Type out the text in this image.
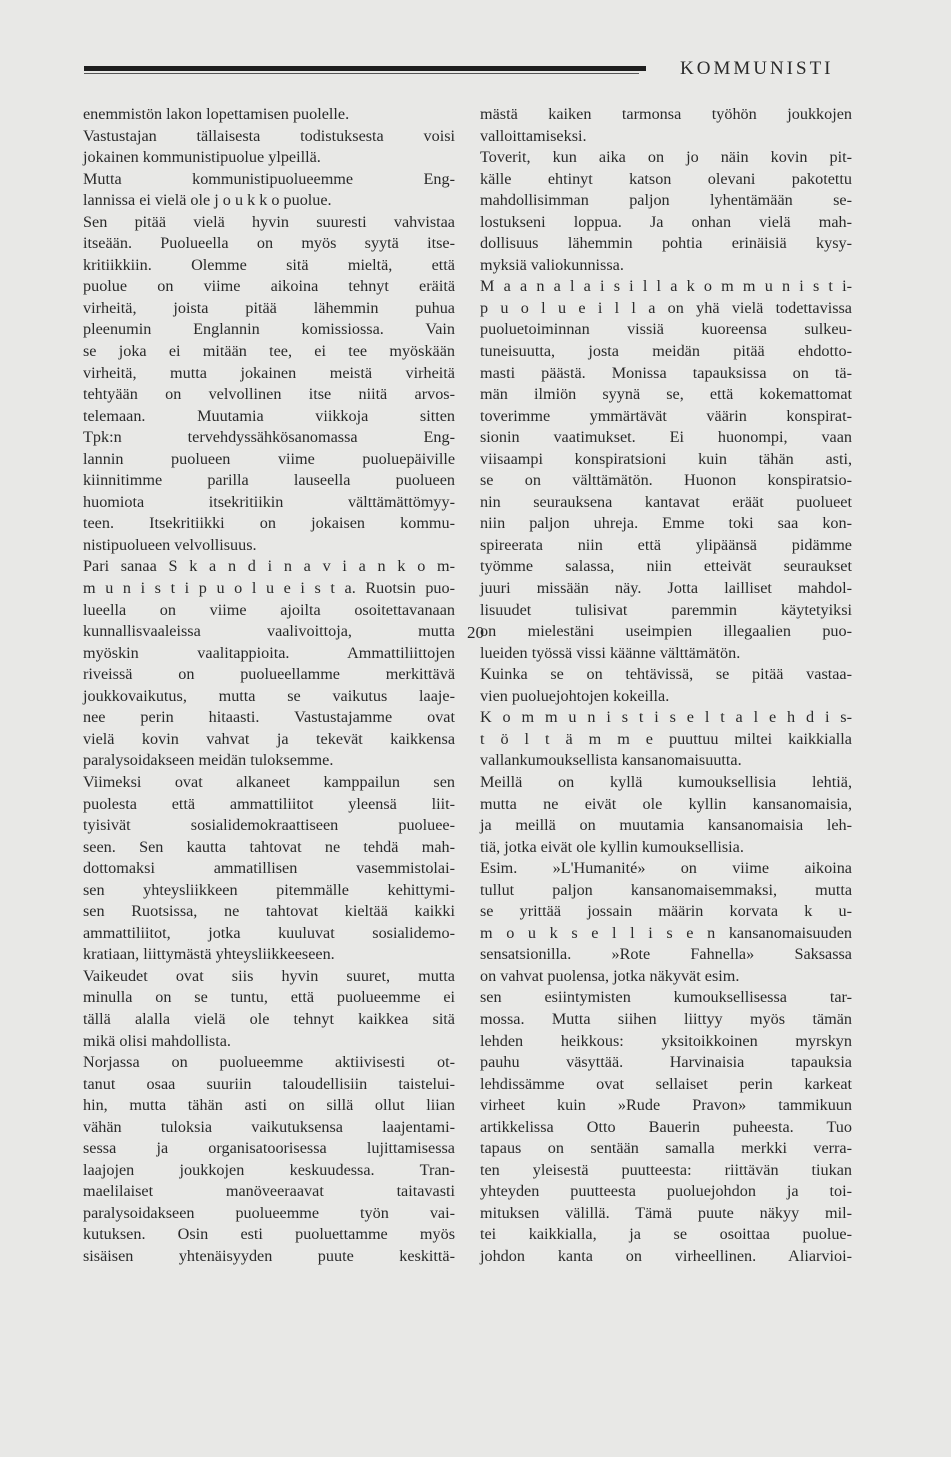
KOMMUNISTI
enemmistön lakon lopettamisen puolelle.
Vastustajan tällaisesta todistuksesta voisi
jokainen kommunistipuolue ylpeillä.
Mutta kommunistipuolueemme Eng-
lannissa ei vielä ole j o u k k o puolue.
Sen pitää vielä hyvin suuresti vahvistaa
itseään. Puolueella on myös syytä itse-
kritiikkiin. Olemme sitä mieltä, että
puolue on viime aikoina tehnyt eräitä
virheitä, joista pitää lähemmin puhua
pleenumin Englannin komissiossa. Vain
se joka ei mitään tee, ei tee myöskään
virheitä, mutta jokainen meistä virheitä
tehtyään on velvollinen itse niitä arvos-
telemaan. Muutamia viikkoja sitten
Tpk:n tervehdyssähkösanomassa Eng-
lannin puolueen viime puoluepäiville
kiinnitimme parilla lauseella puolueen
huomiota itsekritiikin välttämättömyy-
teen. Itsekritiikki on jokaisen kommu-
nistipuolueen velvollisuus.
Pari sanaa S k a n d i n a v i a n k o m-
m u n i s t i p u o l u e i s t a. Ruotsin puo-
lueella on viime ajoilta osoitettavanaan
kunnallisvaaleissa vaalivoittoja, mutta
myöskin vaalitappioita. Ammattiliittojen
riveissä on puolueellamme merkittävä
joukkovaikutus, mutta se vaikutus laaje-
nee perin hitaasti. Vastustajamme ovat
vielä kovin vahvat ja tekevät kaikkensa
paralysoidakseen meidän tuloksemme.
Viimeksi ovat alkaneet kamppailun sen
puolesta että ammattiliitot yleensä liit-
tyisivät sosialidemokraattiseen puoluee-
seen. Sen kautta tahtovat ne tehdä mah-
dottomaksi ammatillisen vasemmistolai-
sen yhteysliikkeen pitemmälle kehittymi-
sen Ruotsissa, ne tahtovat kieltää kaikki
ammattiliitot, jotka kuuluvat sosialidemo-
kratiaan, liittymästä yhteysliikkeeseen.
Vaikeudet ovat siis hyvin suuret, mutta
minulla on se tuntu, että puolueemme ei
tällä alalla vielä ole tehnyt kaikkea sitä
mikä olisi mahdollista.
Norjassa on puolueemme aktiivisesti ot-
tanut osaa suuriin taloudellisiin taistelui-
hin, mutta tähän asti on sillä ollut liian
vähän tuloksia vaikutuksensa laajentami-
sessa ja organisatoorisessa lujittamisessa
laajojen joukkojen keskuudessa. Tran-
maelilaiset manöveeraavat taitavasti
paralysoidakseen puolueemme työn vai-
kutuksen. Osin esti puoluettamme myös
sisäisen yhtenäisyyden puute keskittä-
mästä kaiken tarmonsa työhön joukkojen
valloittamiseksi.
Toverit, kun aika on jo näin kovin pit-
källe ehtinyt katson olevani pakotettu
mahdollisimman paljon lyhentämään se-
lostukseni loppua. Ja onhan vielä mah-
dollisuus lähemmin pohtia erinäisiä kysy-
myksiä valiokunnissa.
M a a n a l a i s i l l a k o m m u n i s t i-
p u o l u e i l l a on yhä vielä todettavissa
puoluetoiminnan vissiä kuoreensa sulkeu-
tuneisuutta, josta meidän pitää ehdotto-
masti päästä. Monissa tapauksissa on tä-
män ilmiön syynä se, että kokemattomat
toverimme ymmärtävät väärin konspirat-
sionin vaatimukset. Ei huonompi, vaan
viisaampi konspiratsioni kuin tähän asti,
se on välttämätön. Huonon konspiratsio-
nin seurauksena kantavat eräät puolueet
niin paljon uhreja. Emme toki saa kon-
spireerata niin että ylipäänsä pidämme
työmme salassa, niin etteivät seuraukset
juuri missään näy. Jotta lailliset mahdol-
lisuudet tulisivat paremmin käytetyiksi
on mielestäni useimpien illegaalien puo-
lueiden työssä vissi käänne välttämätön.
Kuinka se on tehtävissä, se pitää vastaa-
vien puoluejohtojen kokeilla.
K o m m u n i s t i s e l t a l e h d i s-
t ö l t ä m m e puuttuu miltei kaikkialla
vallankumouksellista kansanomaisuutta.
Meillä on kyllä kumouksellisia lehtiä,
mutta ne eivät ole kyllin kansanomaisia,
ja meillä on muutamia kansanomaisia leh-
tiä, jotka eivät ole kyllin kumouksellisia.
Esim. »L'Humanité» on viime aikoina
tullut paljon kansanomaisemmaksi, mutta
se yrittää jossain määrin korvata k u-
m o u k s e l l i s e n kansanomaisuuden
sensatsionilla. »Rote Fahnella» Saksassa
on vahvat puolensa, jotka näkyvät esim.
sen esiintymisten kumouksellisessa tar-
mossa. Mutta siihen liittyy myös tämän
lehden heikkous: yksitoikkoinen myrskyn
pauhu väsyttää. Harvinaisia tapauksia
lehdissämme ovat sellaiset perin karkeat
virheet kuin »Rude Pravon» tammikuun
artikkelissa Otto Bauerin puheesta. Tuo
tapaus on sentään samalla merkki verra-
ten yleisestä puutteesta: riittävän tiukan
yhteyden puutteesta puoluejohdon ja toi-
mituksen välillä. Tämä puute näkyy mil-
tei kaikkialla, ja se osoittaa puolue-
johdon kanta on virheellinen. Aliarvioi-
20
